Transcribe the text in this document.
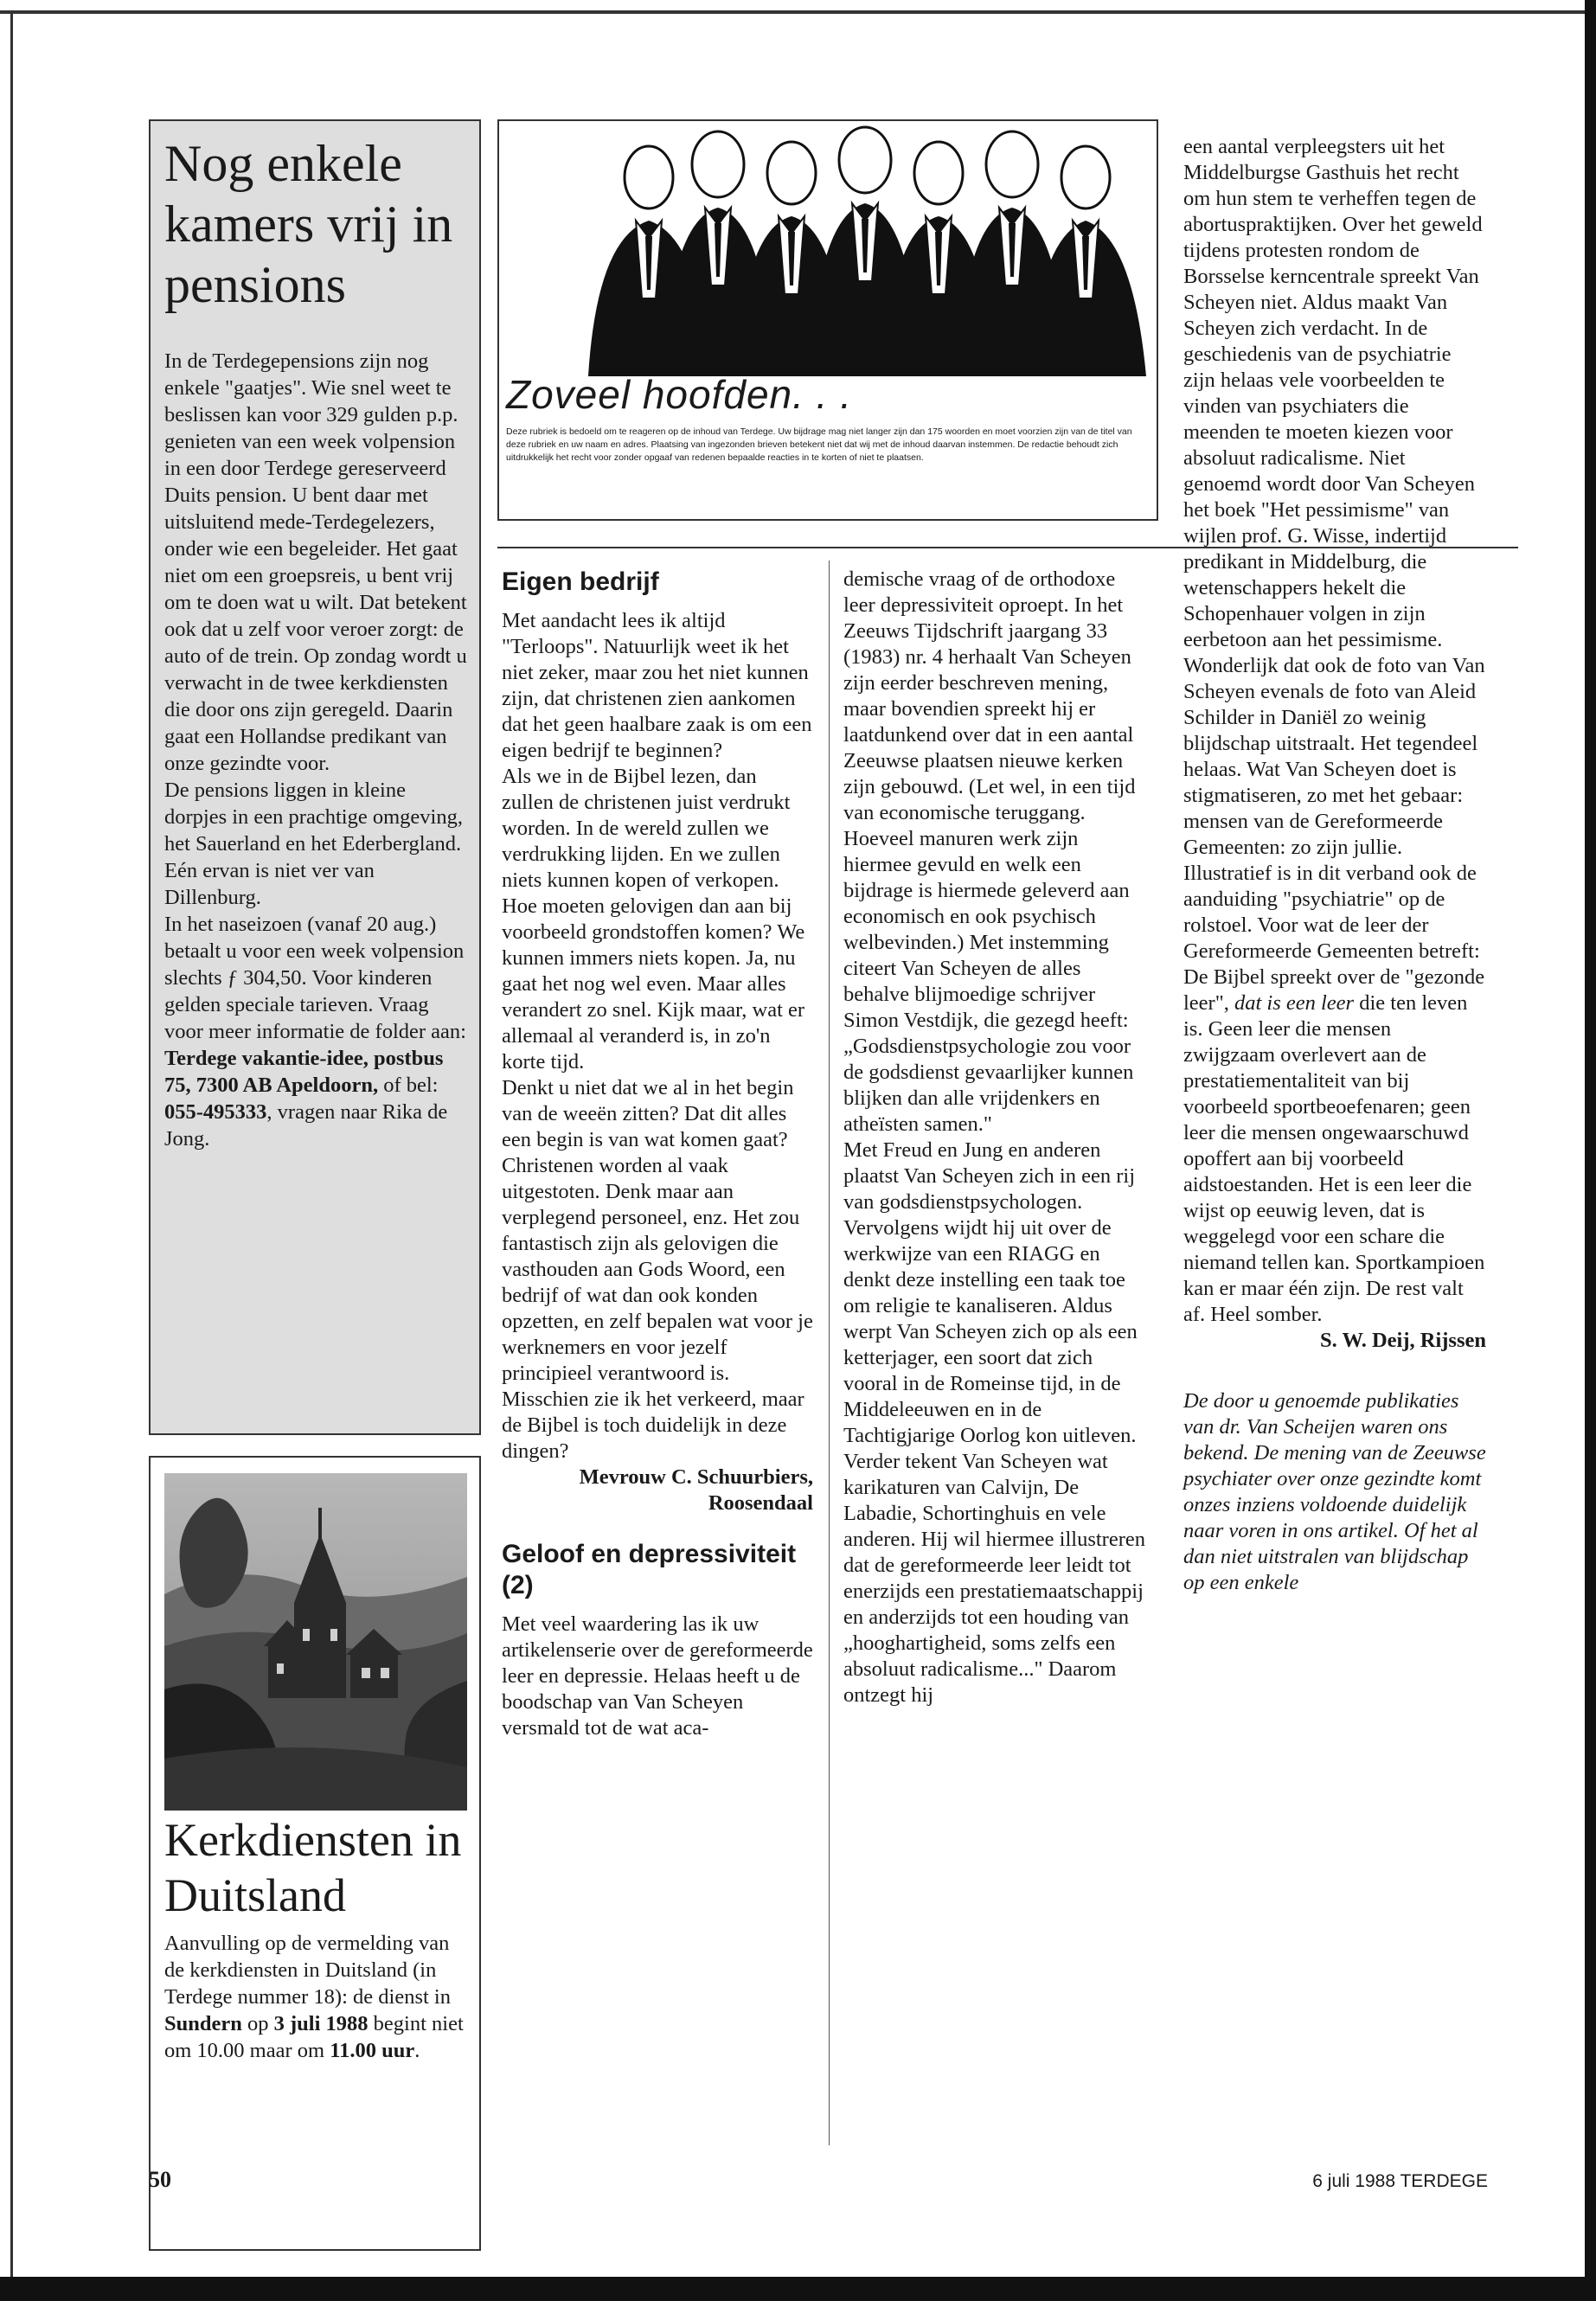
Nog enkele kamers vrij in pensions

In de Terdegepensions zijn nog enkele "gaatjes". Wie snel weet te beslissen kan voor 329 gulden p.p. genieten van een week volpension in een door Terdege gereserveerd Duits pension. U bent daar met uitsluitend mede-Terdegelezers, onder wie een begeleider. Het gaat niet om een groepsreis, u bent vrij om te doen wat u wilt. Dat betekent ook dat u zelf voor veroer zorgt: de auto of de trein. Op zondag wordt u verwacht in de twee kerkdiensten die door ons zijn geregeld. Daarin gaat een Hollandse predikant van onze gezindte voor.

De pensions liggen in kleine dorpjes in een prachtige omgeving, het Sauerland en het Ederbergland. Eén ervan is niet ver van Dillenburg.

In het naseizoen (vanaf 20 aug.) betaalt u voor een week volpension slechts ƒ 304,50. Voor kinderen gelden speciale tarieven. Vraag voor meer informatie de folder aan: Terdege vakantie-idee, postbus 75, 7300 AB Apeldoorn, of bel: 055-495333, vragen naar Rika de Jong.

Kerkdiensten in Duitsland

Aanvulling op de vermelding van de kerkdiensten in Duitsland (in Terdege nummer 18): de dienst in Sundern op 3 juli 1988 begint niet om 10.00 maar om 11.00 uur.

Zoveel hoofden. . .
Deze rubriek is bedoeld om te reageren op de inhoud van Terdege. Uw bijdrage mag niet langer zijn dan 175 woorden en moet voorzien zijn van de titel van deze rubriek en uw naam en adres. Plaatsing van ingezonden brieven betekent niet dat wij met de inhoud daarvan instemmen. De redactie behoudt zich uitdrukkelijk het recht voor zonder opgaaf van redenen bepaalde reacties in te korten of niet te plaatsen.

Eigen bedrijf

Met aandacht lees ik altijd "Terloops". Natuurlijk weet ik het niet zeker, maar zou het niet kunnen zijn, dat christenen zien aankomen dat het geen haalbare zaak is om een eigen bedrijf te beginnen?

Als we in de Bijbel lezen, dan zullen de christenen juist verdrukt worden. In de wereld zullen we verdrukking lijden. En we zullen niets kunnen kopen of verkopen. Hoe moeten gelovigen dan aan bij voorbeeld grondstoffen komen? We kunnen immers niets kopen. Ja, nu gaat het nog wel even. Maar alles verandert zo snel. Kijk maar, wat er allemaal al veranderd is, in zo'n korte tijd.

Denkt u niet dat we al in het begin van de weeën zitten? Dat dit alles een begin is van wat komen gaat? Christenen worden al vaak uitgestoten. Denk maar aan verplegend personeel, enz. Het zou fantastisch zijn als gelovigen die vasthouden aan Gods Woord, een bedrijf of wat dan ook konden opzetten, en zelf bepalen wat voor je werknemers en voor jezelf principieel verantwoord is. Misschien zie ik het verkeerd, maar de Bijbel is toch duidelijk in deze dingen?

Mevrouw C. Schuurbiers,

Roosendaal

Geloof en depressiviteit (2)

Met veel waardering las ik uw artikelenserie over de gereformeerde leer en depressie. Helaas heeft u de boodschap van Van Scheyen versmald tot de wat aca-

demische vraag of de orthodoxe leer depressiviteit oproept. In het Zeeuws Tijdschrift jaargang 33 (1983) nr. 4 herhaalt Van Scheyen zijn eerder beschreven mening, maar bovendien spreekt hij er laatdunkend over dat in een aantal Zeeuwse plaatsen nieuwe kerken zijn gebouwd. (Let wel, in een tijd van economische teruggang. Hoeveel manuren werk zijn hiermee gevuld en welk een bijdrage is hiermede geleverd aan economisch en ook psychisch welbevinden.) Met instemming citeert Van Scheyen de alles behalve blijmoedige schrijver Simon Vestdijk, die gezegd heeft: „Godsdienstpsychologie zou voor de godsdienst gevaarlijker kunnen blijken dan alle vrijdenkers en atheïsten samen."

Met Freud en Jung en anderen plaatst Van Scheyen zich in een rij van godsdienstpsychologen. Vervolgens wijdt hij uit over de werkwijze van een RIAGG en denkt deze instelling een taak toe om religie te kanaliseren. Aldus werpt Van Scheyen zich op als een ketterjager, een soort dat zich vooral in de Romeinse tijd, in de Middeleeuwen en in de Tachtigjarige Oorlog kon uitleven.

Verder tekent Van Scheyen wat karikaturen van Calvijn, De Labadie, Schortinghuis en vele anderen. Hij wil hiermee illustreren dat de gereformeerde leer leidt tot enerzijds een prestatiemaatschappij en anderzijds tot een houding van „hooghartigheid, soms zelfs een absoluut radicalisme..." Daarom ontzegt hij

een aantal verpleegsters uit het Middelburgse Gasthuis het recht om hun stem te verheffen tegen de abortuspraktijken. Over het geweld tijdens protesten rondom de Borsselse kerncentrale spreekt Van Scheyen niet. Aldus maakt Van Scheyen zich verdacht. In de geschiedenis van de psychiatrie zijn helaas vele voorbeelden te vinden van psychiaters die meenden te moeten kiezen voor absoluut radicalisme. Niet genoemd wordt door Van Scheyen het boek "Het pessimisme" van wijlen prof. G. Wisse, indertijd predikant in Middelburg, die wetenschappers hekelt die Schopenhauer volgen in zijn eerbetoon aan het pessimisme.

Wonderlijk dat ook de foto van Van Scheyen evenals de foto van Aleid Schilder in Daniël zo weinig blijdschap uitstraalt. Het tegendeel helaas. Wat Van Scheyen doet is stigmatiseren, zo met het gebaar: mensen van de Gereformeerde Gemeenten: zo zijn jullie. Illustratief is in dit verband ook de aanduiding "psychiatrie" op de rolstoel. Voor wat de leer der Gereformeerde Gemeenten betreft: De Bijbel spreekt over de "gezonde leer", dat is een leer die ten leven is. Geen leer die mensen zwijgzaam overlevert aan de prestatiementaliteit van bij voorbeeld sportbeoefenaren; geen leer die mensen ongewaarschuwd opoffert aan bij voorbeeld aidstoestanden. Het is een leer die wijst op eeuwig leven, dat is weggelegd voor een schare die niemand tellen kan. Sportkampioen kan er maar één zijn. De rest valt af. Heel somber.

S. W. Deij, Rijssen

De door u genoemde publikaties van dr. Van Scheijen waren ons bekend. De mening van de Zeeuwse psychiater over onze gezindte komt onzes inziens voldoende duidelijk naar voren in ons artikel. Of het al dan niet uitstralen van blijdschap op een enkele

50	6 juli 1988 TERDEGE
